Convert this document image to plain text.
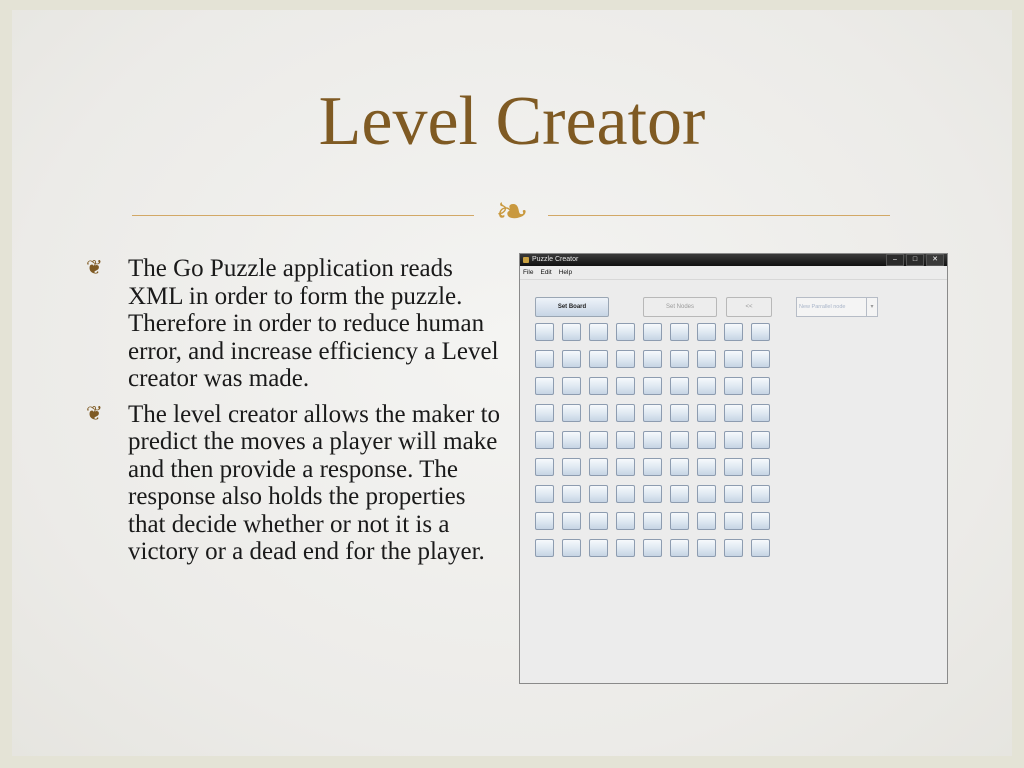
Level Creator
❧
❦ The Go Puzzle application reads XML in order to form the puzzle. Therefore in order to reduce human error, and increase efficiency a Level creator was made.
❦ The level creator allows the maker to predict the moves a player will make and then provide a response. The response also holds the properties that decide whether or not it is a victory or a dead end for the player.
Puzzle Creator	–	□	✕
File Edit Help
Set Board	Set Nodes	<<	New Parrallel node	▾
